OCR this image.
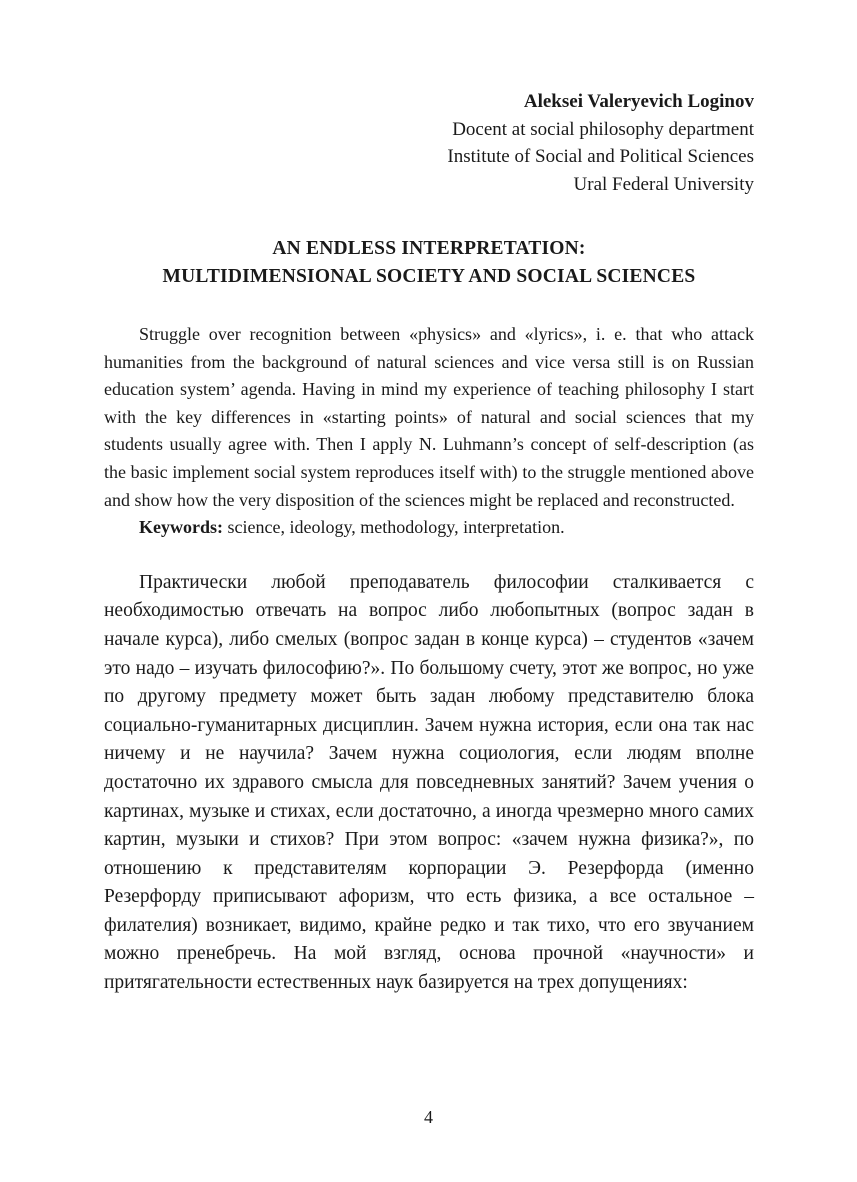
Aleksei Valeryevich Loginov
Docent at social philosophy department
Institute of Social and Political Sciences
Ural Federal University
AN ENDLESS INTERPRETATION:
MULTIDIMENSIONAL SOCIETY AND SOCIAL SCIENCES

Struggle over recognition between «physics» and «lyrics», i. e. that who attack humanities from the background of natural sciences and vice versa still is on Russian education system’ agenda. Having in mind my experience of teaching philosophy I start with the key differences in «starting points» of natural and social sciences that my students usually agree with. Then I apply N. Luhmann’s concept of self-description (as the basic implement social system reproduces itself with) to the struggle mentioned above and show how the very disposition of the sciences might be replaced and reconstructed.

Keywords: science, ideology, methodology, interpretation.

Практически любой преподаватель философии сталкивается с необходимостью отвечать на вопрос либо любопытных (вопрос задан в начале курса), либо смелых (вопрос задан в конце курса) – студентов «зачем это надо – изучать философию?». По большому счету, этот же вопрос, но уже по другому предмету может быть задан любому представителю блока социально-гуманитарных дисциплин. Зачем нужна история, если она так нас ничему и не научила? Зачем нужна социология, если людям вполне достаточно их здравого смысла для повседневных занятий? Зачем учения о картинах, музыке и стихах, если достаточно, а иногда чрезмерно много самих картин, музыки и стихов? При этом вопрос: «зачем нужна физика?», по отношению к представителям корпорации Э. Резерфорда (именно Резерфорду приписывают афоризм, что есть физика, а все остальное – филателия) возникает, видимо, крайне редко и так тихо, что его звучанием можно пренебречь. На мой взгляд, основа прочной «научности» и притягательности естественных наук базируется на трех допущениях:

4
